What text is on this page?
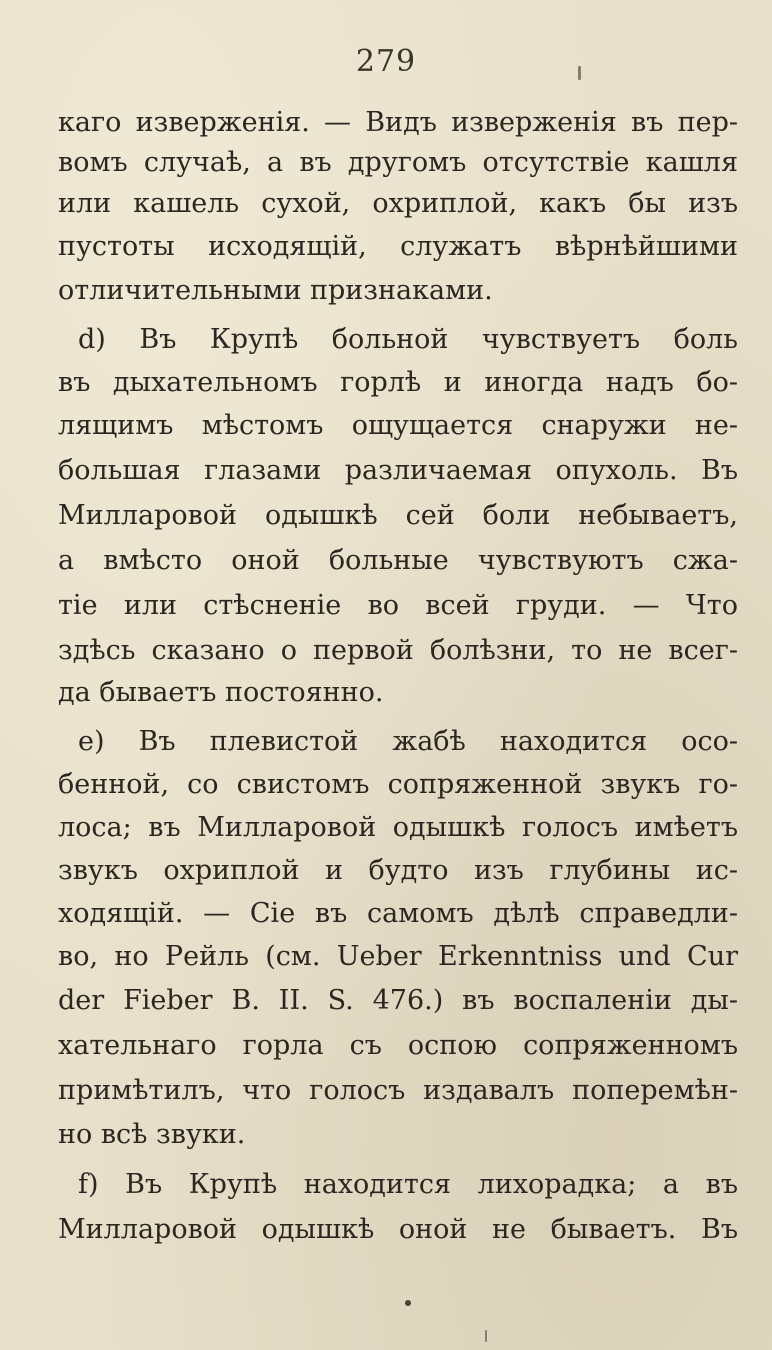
279
каго изверженія. — Видъ изверженія въ пер-
вомъ случаѣ, а въ другомъ отсутствіе кашля
или кашель сухой, охриплой, какъ бы изъ
пустоты исходящій, служатъ вѣрнѣйшими
отличительными признаками.
d) Въ Крупѣ больной чувствуетъ боль
въ дыхательномъ горлѣ и иногда надъ бо-
лящимъ мѣстомъ ощущается снаружи не-
большая глазами различаемая опухоль. Въ
Милларовой одышкѣ сей боли небываетъ,
а вмѣсто оной больные чувствуютъ сжа-
тіе или стѣсненіе во всей груди. — Что
здѣсь сказано о первой болѣзни, то не всег-
да бываетъ постоянно.
е) Въ плевистой жабѣ находится осо-
бенной, со свистомъ сопряженной звукъ го-
лоса; въ Милларовой одышкѣ голосъ имѣетъ
звукъ охриплой и будто изъ глубины ис-
ходящій. — Сіе въ самомъ дѣлѣ справедли-
во, но Рейль (см. Ueber Erkenntniss und Cur
der Fieber B. II. S. 476.) въ воспаленіи ды-
хательнаго горла съ оспою сопряженномъ
примѣтилъ, что голосъ издавалъ поперемѣн-
но всѣ звуки.
f) Въ Крупѣ находится лихорадка; а въ
Милларовой одышкѣ оной не бываетъ. Въ
